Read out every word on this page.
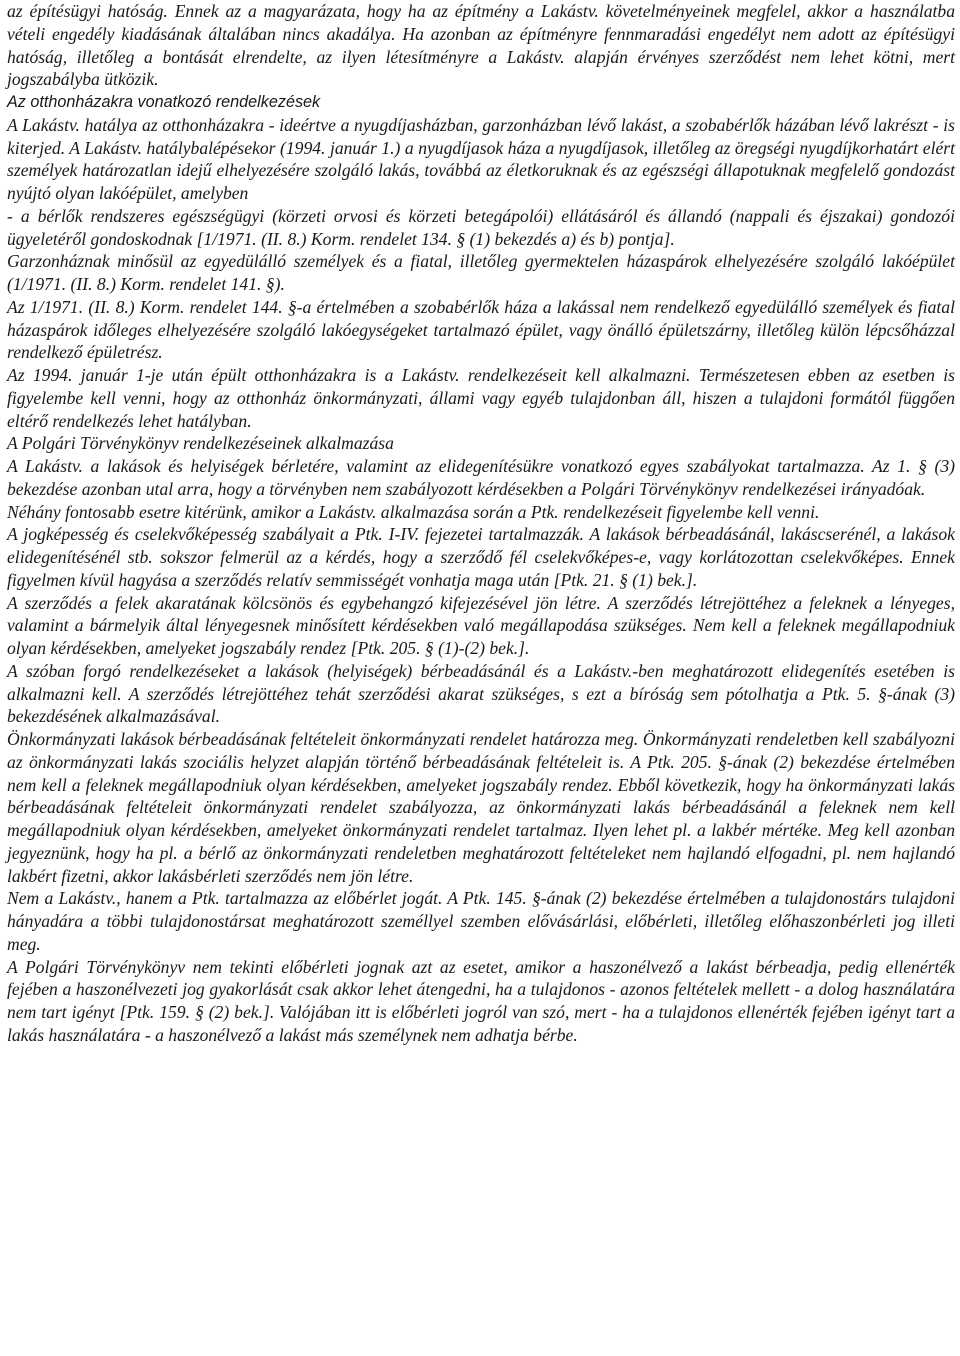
az építésügyi hatóság. Ennek az a magyarázata, hogy ha az építmény a Lakástv. követelményeinek megfelel, akkor a használatba vételi engedély kiadásának általában nincs akadálya. Ha azonban az építményre fennmaradási engedélyt nem adott az építésügyi hatóság, illetőleg a bontását elrendelte, az ilyen létesítményre a Lakástv. alapján érvényes szerződést nem lehet kötni, mert jogszabályba ütközik.

Az otthonházakra vonatkozó rendelkezések

A Lakástv. hatálya az otthonházakra - ideértve a nyugdíjasházban, garzonházban lévő lakást, a szobabérlők házában lévő lakrészt - is kiterjed. A Lakástv. hatálybalépésekor (1994. január 1.) a nyugdíjasok háza a nyugdíjasok, illetőleg az öregségi nyugdíjkorhatárt elért személyek határozatlan idejű elhelyezésére szolgáló lakás, továbbá az életkoruknak és az egészségi állapotuknak megfelelő gondozást nyújtó olyan lakóépület, amelyben

- a bérlők rendszeres egészségügyi (körzeti orvosi és körzeti betegápolói) ellátásáról és állandó (nappali és éjszakai) gondozói ügyeletéről gondoskodnak [1/1971. (II. 8.) Korm. rendelet 134. § (1) bekezdés a) és b) pontja].

Garzonháznak minősül az egyedülálló személyek és a fiatal, illetőleg gyermektelen házaspárok elhelyezésére szolgáló lakóépület (1/1971. (II. 8.) Korm. rendelet 141. §).

Az 1/1971. (II. 8.) Korm. rendelet 144. §-a értelmében a szobabérlők háza a lakással nem rendelkező egyedülálló személyek és fiatal házaspárok időleges elhelyezésére szolgáló lakóegységeket tartalmazó épület, vagy önálló épületszárny, illetőleg külön lépcsőházzal rendelkező épületrész.

Az 1994. január 1-je után épült otthonházakra is a Lakástv. rendelkezéseit kell alkalmazni. Természetesen ebben az esetben is figyelembe kell venni, hogy az otthonház önkormányzati, állami vagy egyéb tulajdonban áll, hiszen a tulajdoni formától függően eltérő rendelkezés lehet hatályban.

A Polgári Törvénykönyv rendelkezéseinek alkalmazása

A Lakástv. a lakások és helyiségek bérletére, valamint az elidegenítésükre vonatkozó egyes szabályokat tartalmazza. Az 1. § (3) bekezdése azonban utal arra, hogy a törvényben nem szabályozott kérdésekben a Polgári Törvénykönyv rendelkezései irányadóak.

Néhány fontosabb esetre kitérünk, amikor a Lakástv. alkalmazása során a Ptk. rendelkezéseit figyelembe kell venni.

A jogképesség és cselekvőképesség szabályait a Ptk. I-IV. fejezetei tartalmazzák. A lakások bérbeadásánál, lakáscserénél, a lakások elidegenítésénél stb. sokszor felmerül az a kérdés, hogy a szerződő fél cselekvőképes-e, vagy korlátozottan cselekvőképes. Ennek figyelmen kívül hagyása a szerződés relatív semmisségét vonhatja maga után [Ptk. 21. § (1) bek.].

A szerződés a felek akaratának kölcsönös és egybehangzó kifejezésével jön létre. A szerződés létrejöttéhez a feleknek a lényeges, valamint a bármelyik által lényegesnek minősített kérdésekben való megállapodása szükséges. Nem kell a feleknek megállapodniuk olyan kérdésekben, amelyeket jogszabály rendez [Ptk. 205. § (1)-(2) bek.].

A szóban forgó rendelkezéseket a lakások (helyiségek) bérbeadásánál és a Lakástv.-ben meghatározott elidegenítés esetében is alkalmazni kell. A szerződés létrejöttéhez tehát szerződési akarat szükséges, s ezt a bíróság sem pótolhatja a Ptk. 5. §-ának (3) bekezdésének alkalmazásával.

Önkormányzati lakások bérbeadásának feltételeit önkormányzati rendelet határozza meg. Önkormányzati rendeletben kell szabályozni az önkormányzati lakás szociális helyzet alapján történő bérbeadásának feltételeit is. A Ptk. 205. §-ának (2) bekezdése értelmében nem kell a feleknek megállapodniuk olyan kérdésekben, amelyeket jogszabály rendez. Ebből következik, hogy ha önkormányzati lakás bérbeadásának feltételeit önkormányzati rendelet szabályozza, az önkormányzati lakás bérbeadásánál a feleknek nem kell megállapodniuk olyan kérdésekben, amelyeket önkormányzati rendelet tartalmaz. Ilyen lehet pl. a lakbér mértéke. Meg kell azonban jegyeznünk, hogy ha pl. a bérlő az önkormányzati rendeletben meghatározott feltételeket nem hajlandó elfogadni, pl. nem hajlandó lakbért fizetni, akkor lakásbérleti szerződés nem jön létre.

Nem a Lakástv., hanem a Ptk. tartalmazza az előbérlet jogát. A Ptk. 145. §-ának (2) bekezdése értelmében a tulajdonostárs tulajdoni hányadára a többi tulajdonostársat meghatározott személlyel szemben elővásárlási, előbérleti, illetőleg előhaszonbérleti jog illeti meg.

A Polgári Törvénykönyv nem tekinti előbérleti jognak azt az esetet, amikor a haszonélvező a lakást bérbeadja, pedig ellenérték fejében a haszonélvezeti jog gyakorlását csak akkor lehet átengedni, ha a tulajdonos - azonos feltételek mellett - a dolog használatára nem tart igényt [Ptk. 159. § (2) bek.]. Valójában itt is előbérleti jogról van szó, mert - ha a tulajdonos ellenérték fejében igényt tart a lakás használatára - a haszonélvező a lakást más személynek nem adhatja bérbe.
